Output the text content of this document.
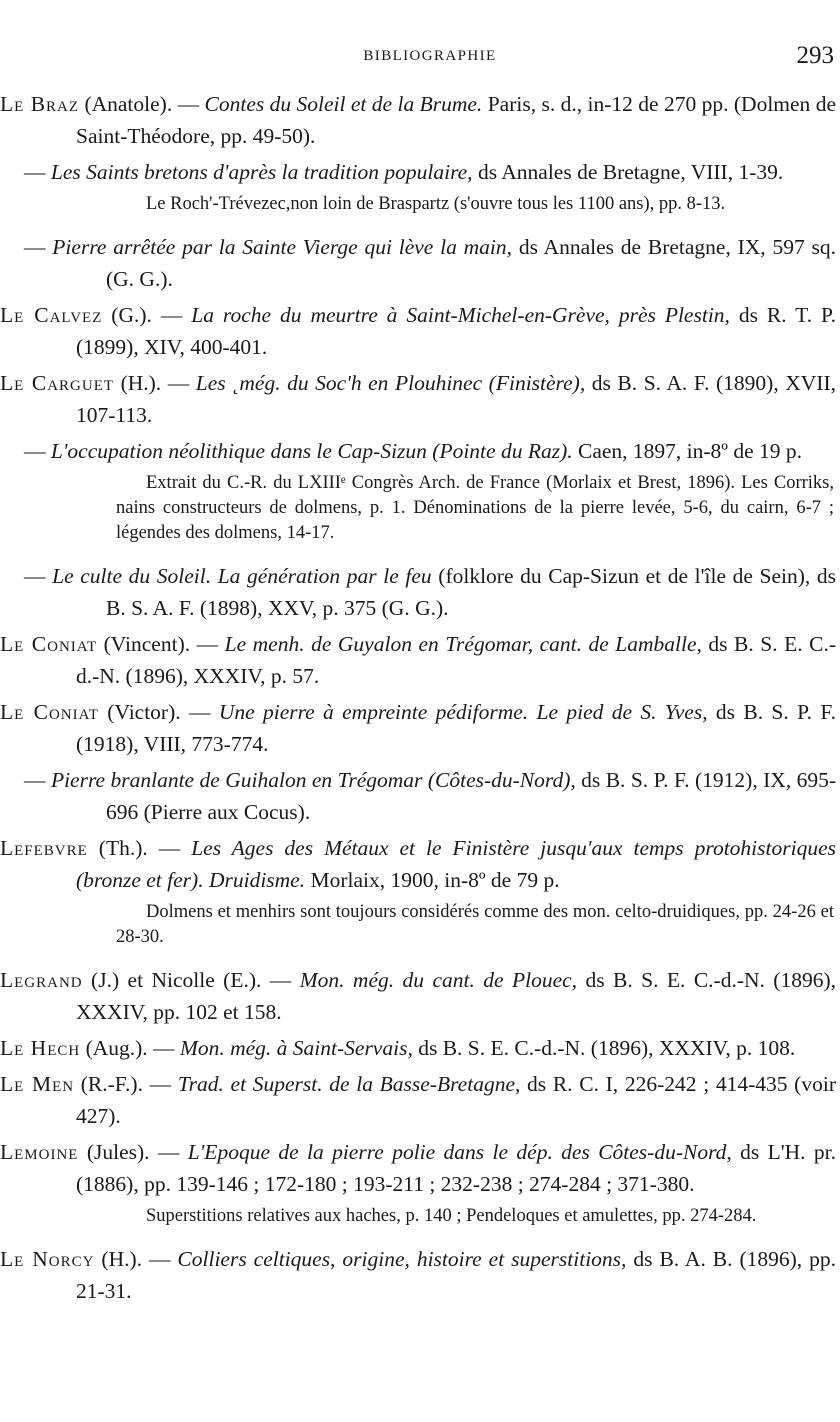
BIBLIOGRAPHIE	293
Le Braz (Anatole). — Contes du Soleil et de la Brume. Paris, s. d., in-12 de 270 pp. (Dolmen de Saint-Théodore, pp. 49-50).
— Les Saints bretons d'après la tradition populaire, ds Annales de Bretagne, VIII, 1-39.
Le Roch'-Trévezec,non loin de Braspartz (s'ouvre tous les 1100 ans), pp. 8-13.
— Pierre arrêtée par la Sainte Vierge qui lève la main, ds Annales de Bretagne, IX, 597 sq. (G. G.).
Le Calvez (G.). — La roche du meurtre à Saint-Michel-en-Grève, près Plestin, ds R. T. P. (1899), XIV, 400-401.
Le Carguet (H.). — Les ˛még. du Soc'h en Plouhinec (Finistère), ds B. S. A. F. (1890), XVII, 107-113.
— L'occupation néolithique dans le Cap-Sizun (Pointe du Raz). Caen, 1897, in-8º de 19 p.
Extrait du C.-R. du LXIIIᵉ Congrès Arch. de France (Morlaix et Brest, 1896). Les Corriks, nains constructeurs de dolmens, p. 1. Dénominations de la pierre levée, 5-6, du cairn, 6-7 ; légendes des dolmens, 14-17.
— Le culte du Soleil. La génération par le feu (folklore du Cap-Sizun et de l'île de Sein), ds B. S. A. F. (1898), XXV, p. 375 (G. G.).
Le Coniat (Vincent). — Le menh. de Guyalon en Trégomar, cant. de Lamballe, ds B. S. E. C.-d.-N. (1896), XXXIV, p. 57.
Le Coniat (Victor). — Une pierre à empreinte pédiforme. Le pied de S. Yves, ds B. S. P. F. (1918), VIII, 773-774.
— Pierre branlante de Guihalon en Trégomar (Côtes-du-Nord), ds B. S. P. F. (1912), IX, 695-696 (Pierre aux Cocus).
Lefebvre (Th.). — Les Ages des Métaux et le Finistère jusqu'aux temps protohistoriques (bronze et fer). Druidisme. Morlaix, 1900, in-8º de 79 p.
Dolmens et menhirs sont toujours considérés comme des mon. celto-druidiques, pp. 24-26 et 28-30.
Legrand (J.) et Nicolle (E.). — Mon. még. du cant. de Plouec, ds B. S. E. C.-d.-N. (1896), XXXIV, pp. 102 et 158.
Le Hech (Aug.). — Mon. még. à Saint-Servais, ds B. S. E. C.-d.-N. (1896), XXXIV, p. 108.
Le Men (R.-F.). — Trad. et Superst. de la Basse-Bretagne, ds R. C. I, 226-242 ; 414-435 (voir 427).
Lemoine (Jules). — L'Epoque de la pierre polie dans le dép. des Côtes-du-Nord, ds L'H. pr. (1886), pp. 139-146 ; 172-180 ; 193-211 ; 232-238 ; 274-284 ; 371-380.
Superstitions relatives aux haches, p. 140 ; Pendeloques et amulettes, pp. 274-284.
Le Norcy (H.). — Colliers celtiques, origine, histoire et superstitions, ds B. A. B. (1896), pp. 21-31.
